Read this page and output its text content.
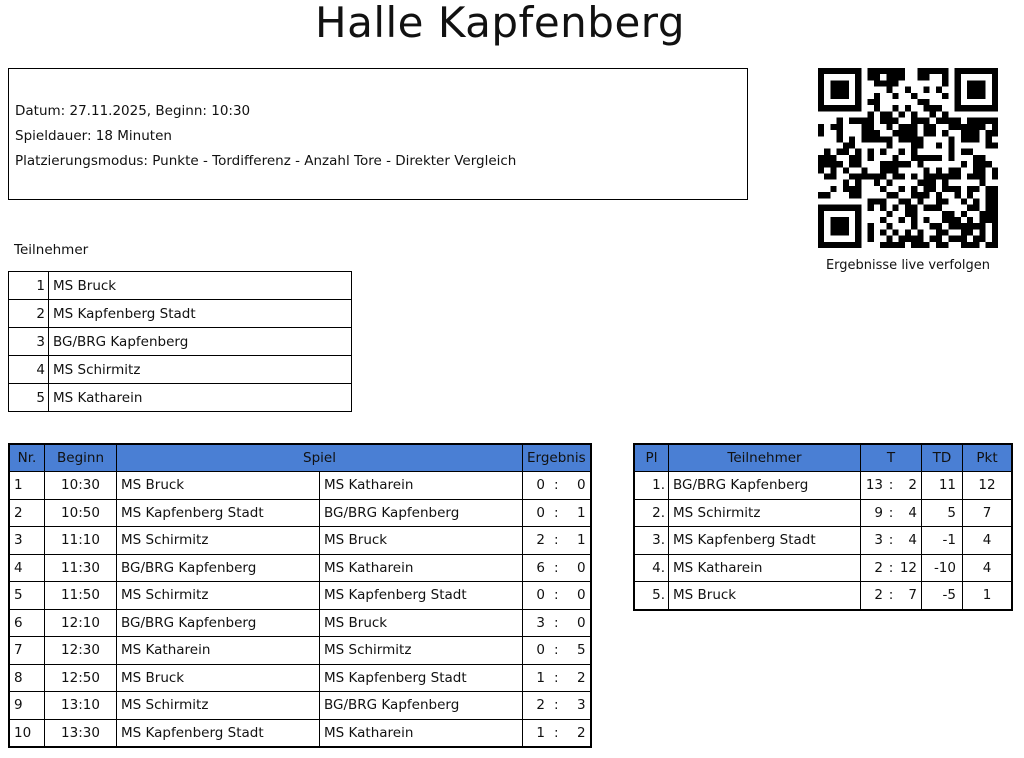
Halle Kapfenberg
Datum: 27.11.2025, Beginn: 10:30
Spieldauer: 18 Minuten
Platzierungsmodus: Punkte - Tordifferenz - Anzahl Tore - Direkter Vergleich
Ergebnisse live verfolgen
Teilnehmer
1	MS Bruck
2	MS Kapfenberg Stadt
3	BG/BRG Kapfenberg
4	MS Schirmitz
5	MS Katharein
Nr.	Beginn	Spiel		Ergebnis
1	10:30	MS Bruck	MS Katharein	0 : 0

2	10:50	MS Kapfenberg Stadt	BG/BRG Kapfenberg	0 : 1

3	11:10	MS Schirmitz	MS Bruck	2 : 1

4	11:30	BG/BRG Kapfenberg	MS Katharein	6 : 0

5	11:50	MS Schirmitz	MS Kapfenberg Stadt	0 : 0

6	12:10	BG/BRG Kapfenberg	MS Bruck	3 : 0

7	12:30	MS Katharein	MS Schirmitz	0 : 5

8	12:50	MS Bruck	MS Kapfenberg Stadt	1 : 2

9	13:10	MS Schirmitz	BG/BRG Kapfenberg	2 : 3

10	13:30	MS Kapfenberg Stadt	MS Katharein	1 : 2
Pl	Teilnehmer	T	TD	Pkt
1.	BG/BRG Kapfenberg	13 : 2	11	12
2.	MS Schirmitz	9 : 4	5	7
3.	MS Kapfenberg Stadt	3 : 4	-1	4
4.	MS Katharein	2 : 12	-10	4
5.	MS Bruck	2 : 7	-5	1
